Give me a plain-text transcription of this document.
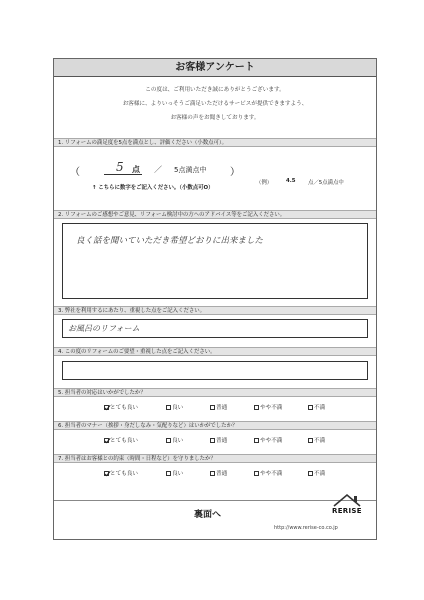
お客様アンケート
この度は、ご利用いただき誠にありがとうございます。
お客様に、よりいっそうご満足いただけるサービスが提供できますよう、
お客様の声をお聞きしております。
1. リフォームの満足度を5点を満点とし、評価ください（小数点可）。
（	5 点 ／ 5点満点中 ）
↑ こちらに数字をご記入ください。（小数点可O）
（例）	4.5 点／5点満点中
2. リフォームのご感想やご意見、リフォーム検討中の方へのアドバイス等をご記入ください。
良く話を聞いていただき希望どおりに出来ました
3. 弊社を利用するにあたり、重視した点をご記入ください。
お風呂のリフォーム
4. この度のリフォームのご要望・重視した点をご記入ください。
5. 担当者の対応はいかがでしたか？
とても良い	良い	普通	やや不満	不満
6. 担当者のマナー（挨拶・身だしなみ・気配りなど）はいかがでしたか？
とても良い	良い	普通	やや不満	不満
7. 担当者はお客様との約束（時間・日程など）を守りましたか？
とても良い	良い	普通	やや不満	不満
裏面へ	RERISE
http://www.rerise-co.co.jp
